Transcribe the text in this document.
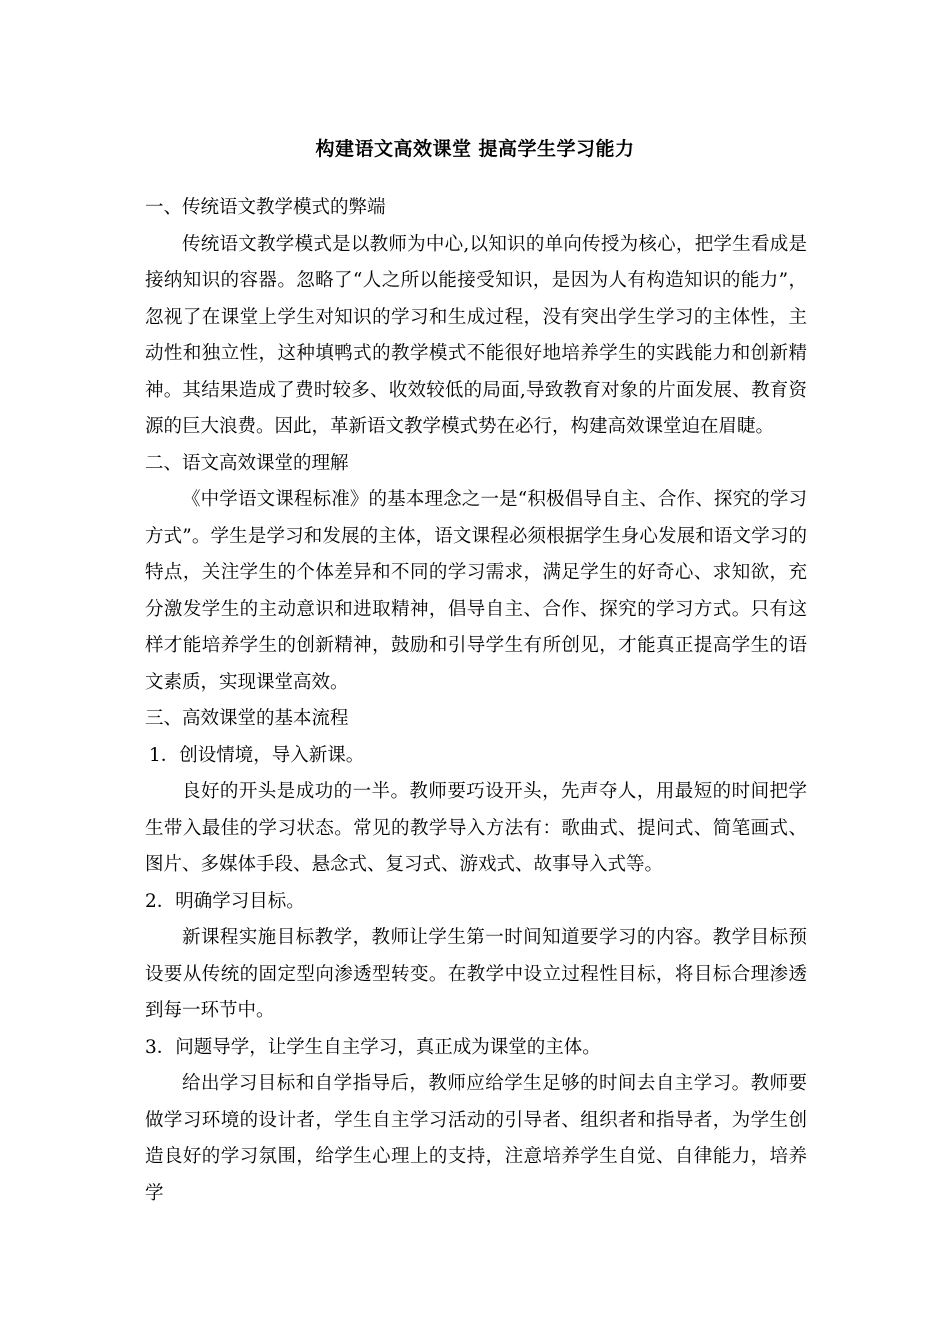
构建语文高效课堂 提高学生学习能力

一、传统语文教学模式的弊端

传统语文教学模式是以教师为中心,以知识的单向传授为核心，把学生看成是接纳知识的容器。忽略了“人之所以能接受知识，是因为人有构造知识的能力”，忽视了在课堂上学生对知识的学习和生成过程，没有突出学生学习的主体性，主动性和独立性，这种填鸭式的教学模式不能很好地培养学生的实践能力和创新精神。其结果造成了费时较多、收效较低的局面,导致教育对象的片面发展、教育资源的巨大浪费。因此，革新语文教学模式势在必行，构建高效课堂迫在眉睫。

二、语文高效课堂的理解

《中学语文课程标准》的基本理念之一是“积极倡导自主、合作、探究的学习方式”。学生是学习和发展的主体，语文课程必须根据学生身心发展和语文学习的特点，关注学生的个体差异和不同的学习需求，满足学生的好奇心、求知欲，充分激发学生的主动意识和进取精神，倡导自主、合作、探究的学习方式。只有这样才能培养学生的创新精神，鼓励和引导学生有所创见，才能真正提高学生的语文素质，实现课堂高效。

三、高效课堂的基本流程

1．创设情境，导入新课。

良好的开头是成功的一半。教师要巧设开头，先声夺人，用最短的时间把学生带入最佳的学习状态。常见的教学导入方法有：歌曲式、提问式、简笔画式、图片、多媒体手段、悬念式、复习式、游戏式、故事导入式等。

2．明确学习目标。

新课程实施目标教学，教师让学生第一时间知道要学习的内容。教学目标预设要从传统的固定型向渗透型转变。在教学中设立过程性目标，将目标合理渗透到每一环节中。

3．问题导学，让学生自主学习，真正成为课堂的主体。

给出学习目标和自学指导后，教师应给学生足够的时间去自主学习。教师要做学习环境的设计者，学生自主学习活动的引导者、组织者和指导者，为学生创造良好的学习氛围，给学生心理上的支持，注意培养学生自觉、自律能力，培养学
